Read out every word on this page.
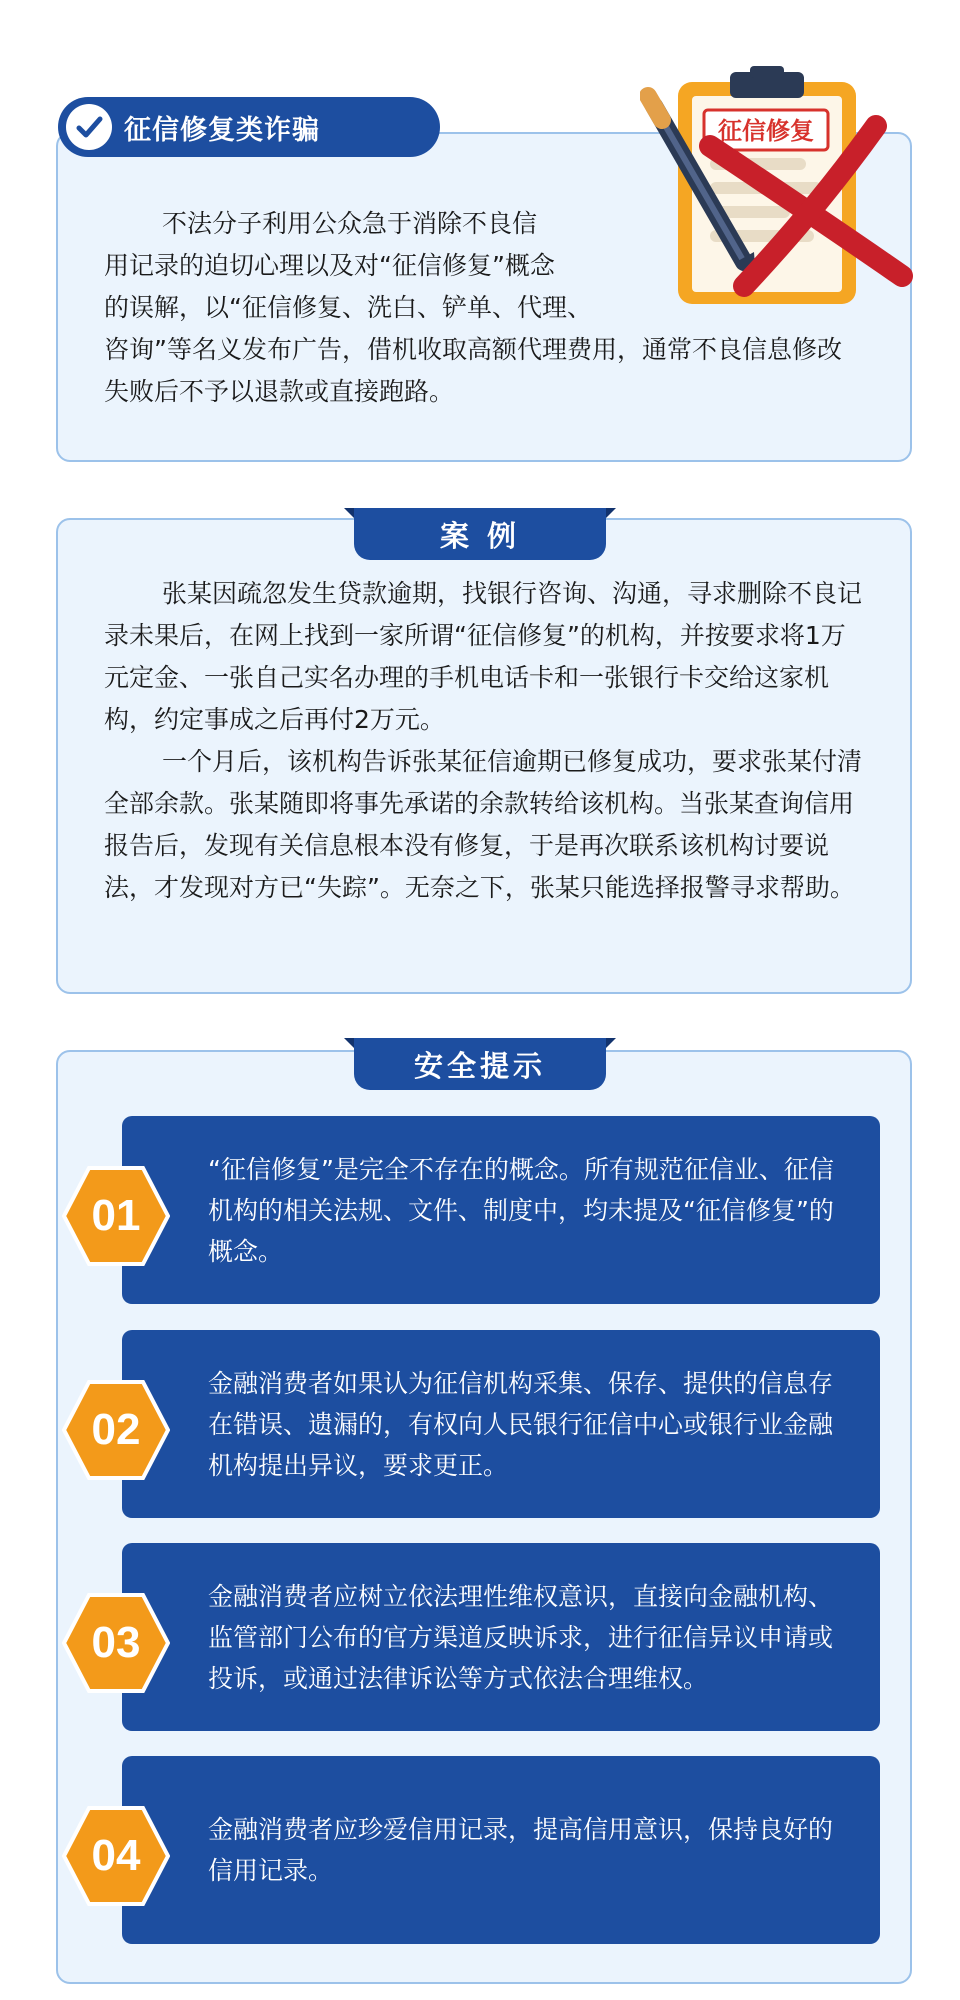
征信修复类诈骗

不法分子利用公众急于消除不良信
用记录的迫切心理以及对“征信修复”概念
的误解，以“征信修复、洗白、铲单、代理、

咨询”等名义发布广告，借机收取高额代理费用，通常不良信息修改失败后不予以退款或直接跑路。

征信修复
案 例

张某因疏忽发生贷款逾期，找银行咨询、沟通，寻求删除不良记录未果后，在网上找到一家所谓“征信修复”的机构，并按要求将1万元定金、一张自己实名办理的手机电话卡和一张银行卡交给这家机构，约定事成之后再付2万元。

一个月后，该机构告诉张某征信逾期已修复成功，要求张某付清全部余款。张某随即将事先承诺的余款转给该机构。当张某查询信用报告后，发现有关信息根本没有修复，于是再次联系该机构讨要说法，才发现对方已“失踪”。无奈之下，张某只能选择报警寻求帮助。

安全提示
“征信修复”是完全不存在的概念。所有规范征信业、征信机构的相关法规、文件、制度中，均未提及“征信修复”的概念。
金融消费者如果认为征信机构采集、保存、提供的信息存在错误、遗漏的，有权向人民银行征信中心或银行业金融机构提出异议，要求更正。
金融消费者应树立依法理性维权意识，直接向金融机构、监管部门公布的官方渠道反映诉求，进行征信异议申请或投诉，或通过法律诉讼等方式依法合理维权。
金融消费者应珍爱信用记录，提高信用意识，保持良好的信用记录。
01
02
03
04
